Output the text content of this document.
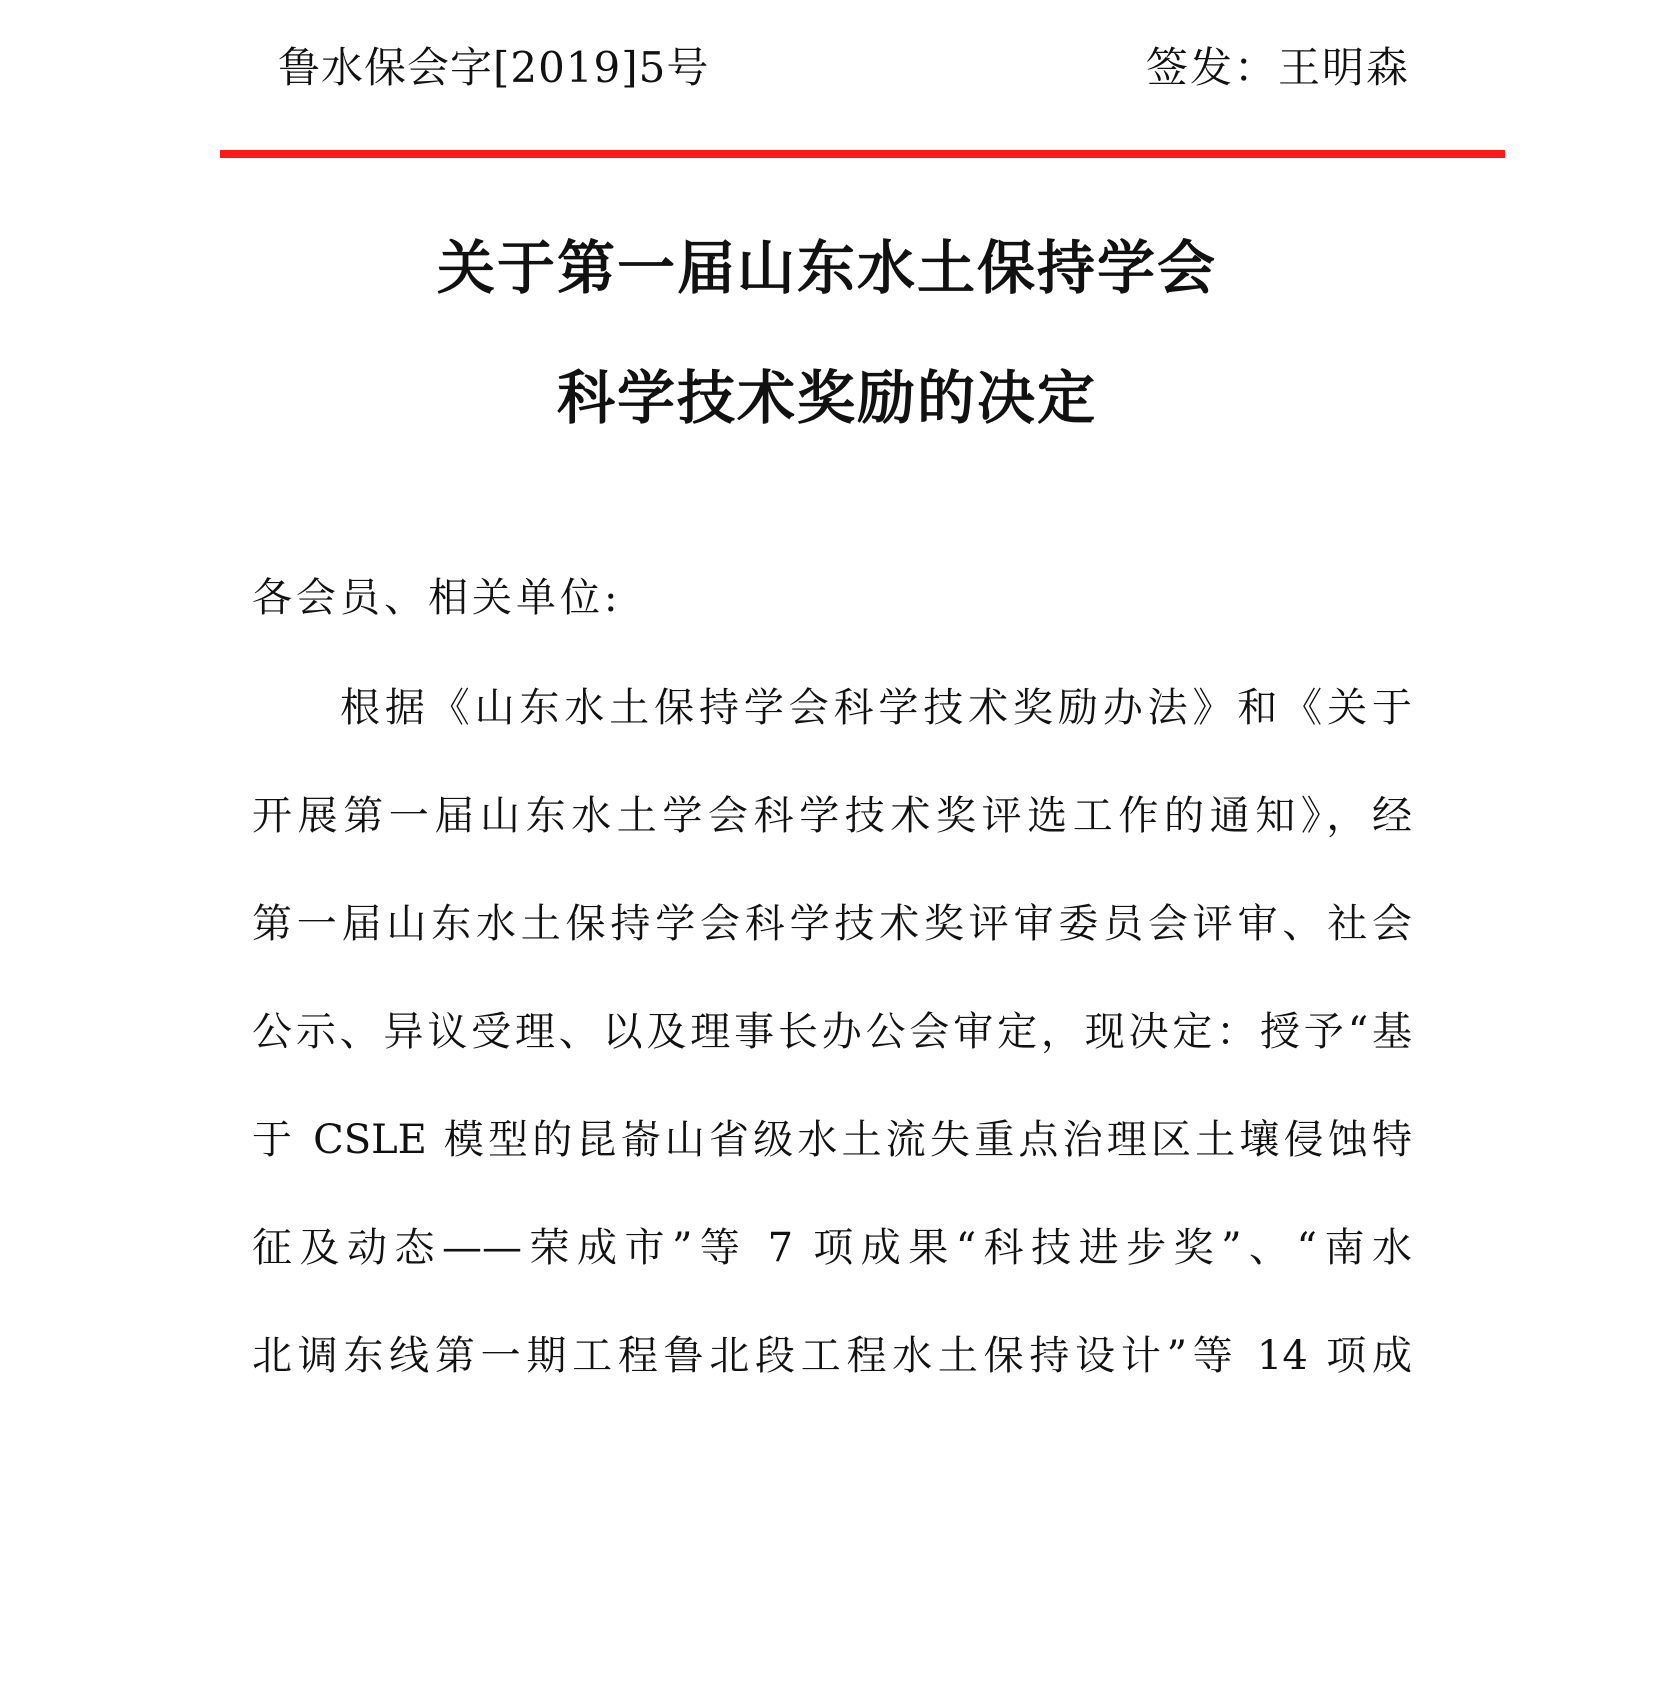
鲁水保会字[2019]5号	签发：王明森
关于第一届山东水土保持学会
科学技术奖励的决定
各会员、相关单位:
根据《山东水土保持学会科学技术奖励办法》和《关于
开展第一届山东水土学会科学技术奖评选工作的通知》，经
第一届山东水土保持学会科学技术奖评审委员会评审、社会
公示、异议受理、以及理事长办公会审定，现决定：授予“基
于 CSLE 模型的昆嵛山省级水土流失重点治理区土壤侵蚀特
征及动态——荣成市”等 7 项成果“科技进步奖”、“南水
北调东线第一期工程鲁北段工程水土保持设计”等 14 项成
